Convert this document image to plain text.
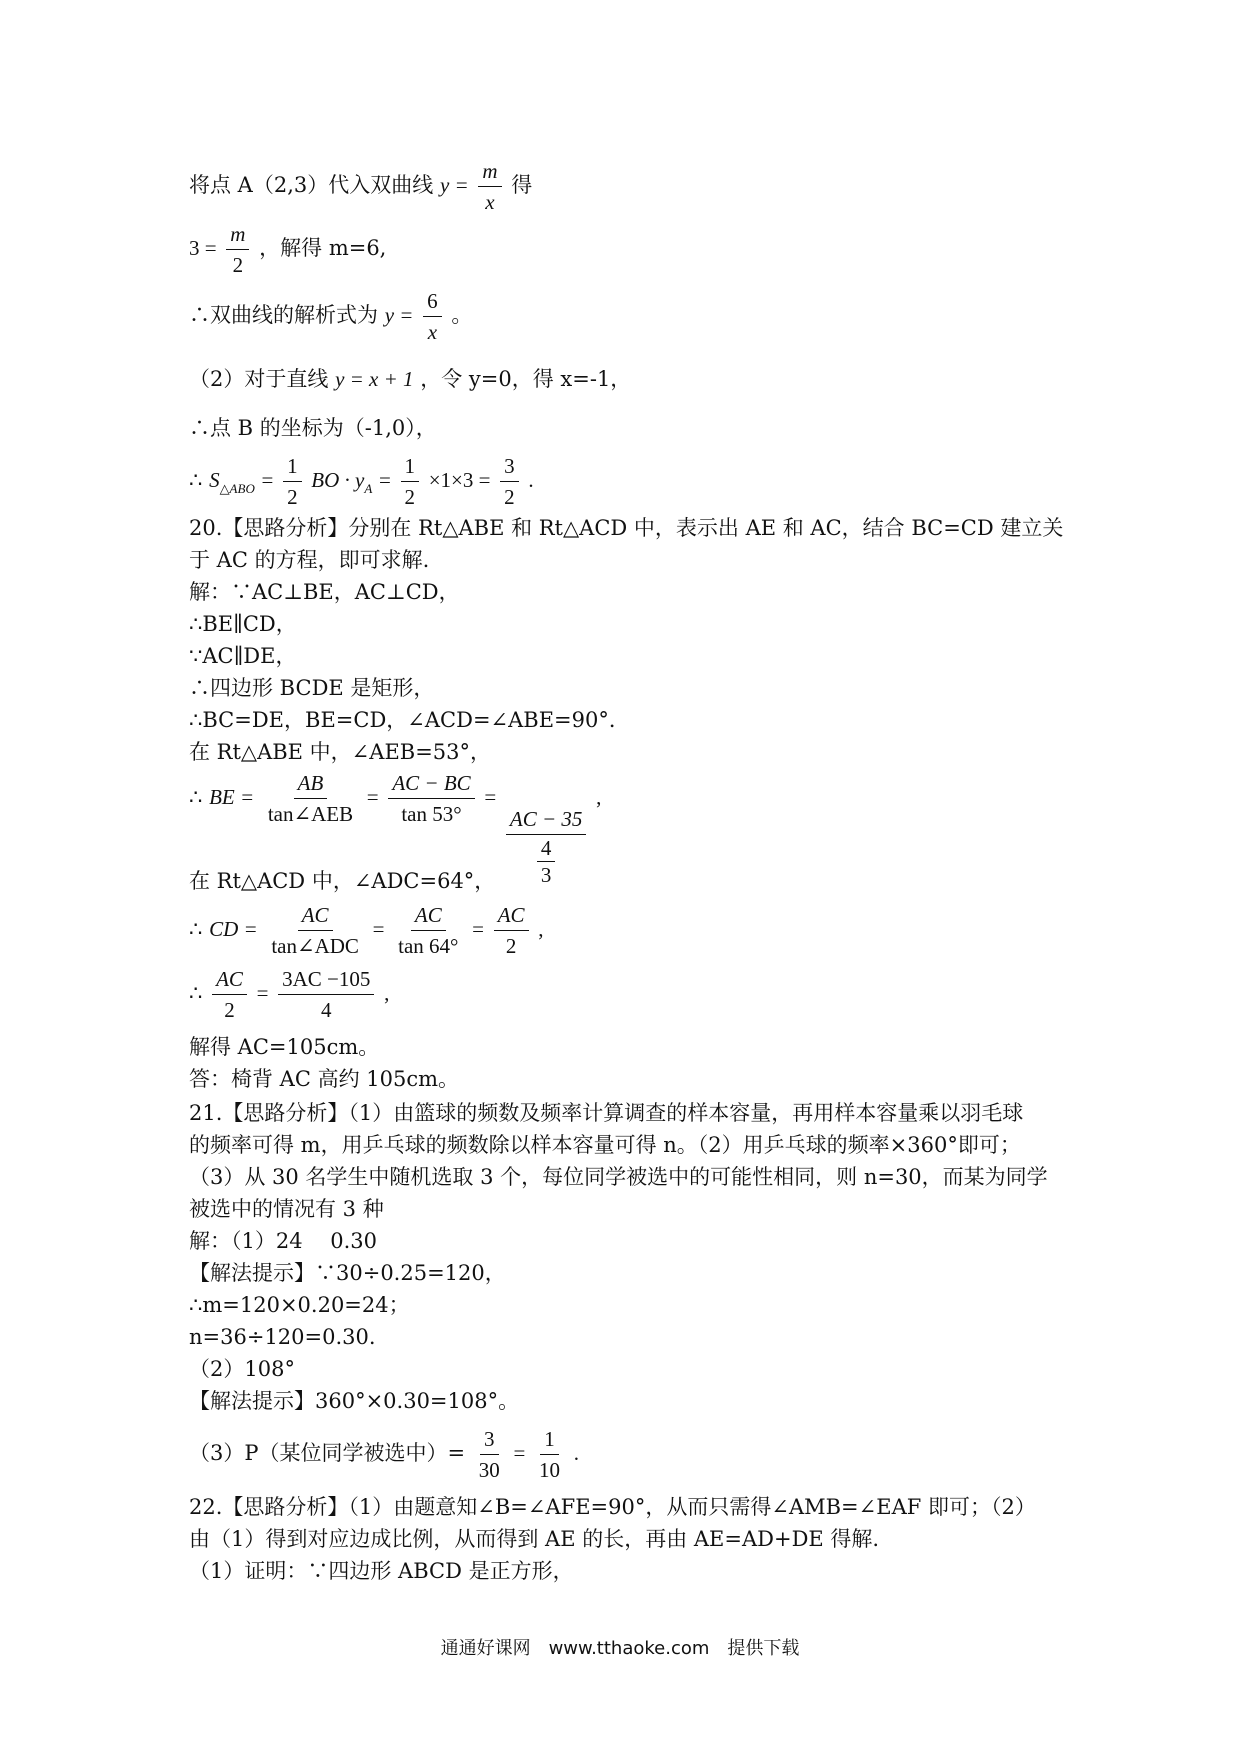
将点 A（2,3）代入双曲线 $y = \frac{m}{x}$ 得
$3 = \frac{m}{2}$ ，解得 m=6,
∴双曲线的解析式为 $y = \frac{6}{x}$ 。
（2）对于直线 y = x + 1 ，令 y=0，得 x=-1，
∴点 B 的坐标为（-1,0），
∴ $S_{\triangle ABO} = \frac{1}{2}$ BO · $y_A = \frac{1}{2} \times 1\times 3 = \frac{3}{2}$ .
20.【思路分析】分别在 Rt△ABE 和 Rt△ACD 中，表示出 AE 和 AC，结合 BC=CD 建立关
于 AC 的方程，即可求解.
解：∵AC⊥BE，AC⊥CD，
∴BE∥CD，
∵AC∥DE，
∴四边形 BCDE 是矩形，
∴BC=DE，BE=CD，∠ACD=∠ABE=90°．
在 Rt△ABE 中，∠AEB=53°，
∴ BE = $\frac{AB}{\text{tan∠AEB}} = \frac{AC - BC}{\tan 53^\circ}$ =
$\frac{AC - 35}{\frac{4}{3}}$
,
在 Rt△ACD 中，∠ADC=64°，
∴ CD = $\frac{AC}{\text{tan∠ADC}} = \frac{AC}{\tan 64^\circ} = \frac{AC}{2}$ ,
∴ $\frac{AC}{2} = \frac{3AC -105}{4}$ ,
解得 AC=105cm。
答：椅背 AC 高约 105cm。
21.【思路分析】（1）由篮球的频数及频率计算调查的样本容量，再用样本容量乘以羽毛球
的频率可得 m，用乒乓球的频数除以样本容量可得 n。（2）用乒乓球的频率×360°即可；
（3）从 30 名学生中随机选取 3 个，每位同学被选中的可能性相同，则 n=30，而某为同学
被选中的情况有 3 种
解：（1）24　 0.30
【解法提示】∵30÷0.25=120，
∴m=120×0.20=24；
n=36÷120=0.30.
（2）108°
【解法提示】360°×0.30=108°。
（3）P（某位同学被选中）= $\frac{3}{30} = \frac{1}{10}$ .
22.【思路分析】（1）由题意知∠B=∠AFE=90°，从而只需得∠AMB=∠EAF 即可；（2）
由（1）得到对应边成比例，从而得到 AE 的长，再由 AE=AD+DE 得解.
（1）证明：∵四边形 ABCD 是正方形，
通通好课网　www.tthaoke.com　提供下载
